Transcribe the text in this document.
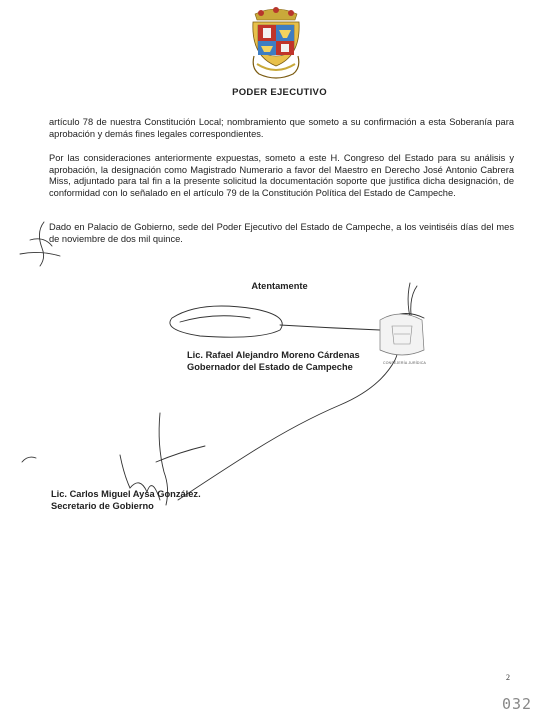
PODER EJECUTIVO
artículo 78 de nuestra Constitución Local; nombramiento que someto a su confirmación a esta Soberanía para aprobación y demás fines legales correspondientes.
Por las consideraciones anteriormente expuestas, someto a este H. Congreso del Estado para su análisis y aprobación, la designación como Magistrado Numerario a favor del Maestro en Derecho José Antonio Cabrera Miss, adjuntado para tal fin a la presente solicitud la documentación soporte que justifica dicha designación, de conformidad con lo señalado en el artículo 79 de la Constitución Política del Estado de Campeche.
Dado en Palacio de Gobierno, sede del Poder Ejecutivo del Estado de Campeche, a los veintiséis días del mes de noviembre de dos mil quince.
Atentamente
CONSEJERÍA JURÍDICA
Lic. Rafael Alejandro Moreno Cárdenas
Gobernador del Estado de Campeche
Lic. Carlos Miguel Aysa González.
Secretario de Gobierno
2
032
